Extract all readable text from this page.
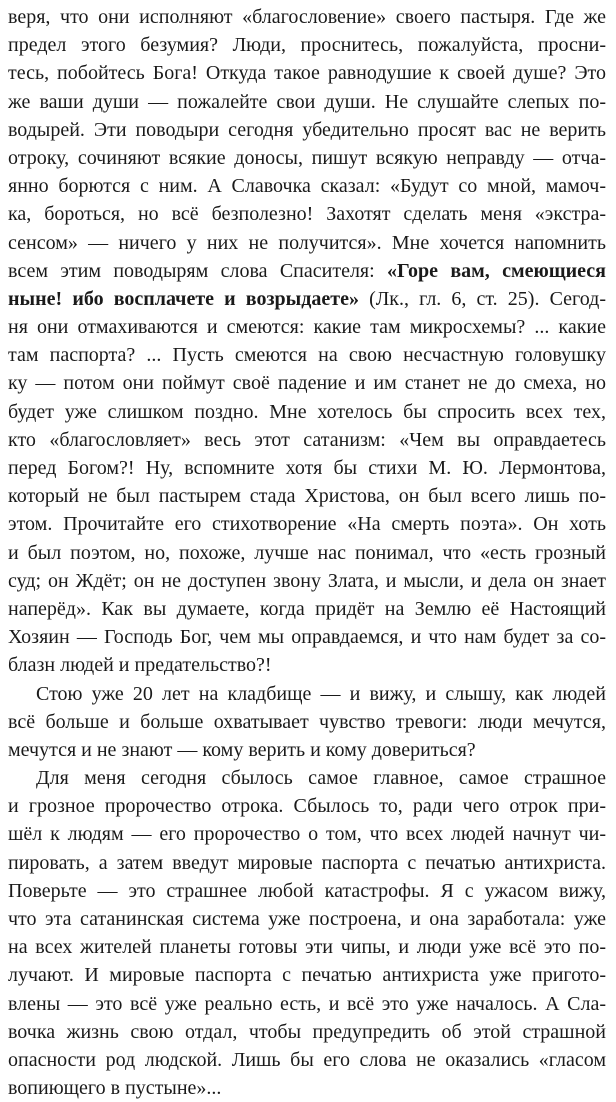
веря, что они исполняют «благословение» своего пастыря. Где же
предел этого безумия? Люди, проснитесь, пожалуйста, просни-
тесь, побойтесь Бога! Откуда такое равнодушие к своей душе? Это
же ваши души — пожалейте свои души. Не слушайте слепых по-
водырей. Эти поводыри сегодня убедительно просят вас не верить
отроку, сочиняют всякие доносы, пишут всякую неправду — отча-
янно борются с ним. А Славочка сказал: «Будут со мной, мамоч-
ка, бороться, но всё безполезно! Захотят сделать меня «экстра-
сенсом» — ничего у них не получится». Мне хочется напомнить
всем этим поводырям слова Спасителя: «Горе вам, смеющиеся
ныне! ибо восплачете и возрыдаете» (Лк., гл. 6, ст. 25). Сегод-
ня они отмахиваются и смеются: какие там микросхемы? ... какие
там паспорта? ... Пусть смеются на свою несчастную головушку
ку — потом они поймут своё падение и им станет не до смеха, но
будет уже слишком поздно. Мне хотелось бы спросить всех тех,
кто «благословляет» весь этот сатанизм: «Чем вы оправдаетесь
перед Богом?! Ну, вспомните хотя бы стихи М. Ю. Лермонтова,
который не был пастырем стада Христова, он был всего лишь по-
этом. Прочитайте его стихотворение «На смерть поэта». Он хоть
и был поэтом, но, похоже, лучше нас понимал, что «есть грозный
суд; он Ждёт; он не доступен звону Злата, и мысли, и дела он знает
наперёд». Как вы думаете, когда придёт на Землю её Настоящий
Хозяин — Господь Бог, чем мы оправдаемся, и что нам будет за со-
блазн людей и предательство?!
Стою уже 20 лет на кладбище — и вижу, и слышу, как людей
всё больше и больше охватывает чувство тревоги: люди мечутся,
мечутся и не знают — кому верить и кому довериться?
Для меня сегодня сбылось самое главное, самое страшное
и грозное пророчество отрока. Сбылось то, ради чего отрок при-
шёл к людям — его пророчество о том, что всех людей начнут чи-
пировать, а затем введут мировые паспорта с печатью антихриста.
Поверьте — это страшнее любой катастрофы. Я с ужасом вижу,
что эта сатанинская система уже построена, и она заработала: уже
на всех жителей планеты готовы эти чипы, и люди уже всё это по-
лучают. И мировые паспорта с печатью антихриста уже пригото-
влены — это всё уже реально есть, и всё это уже началось. А Сла-
вочка жизнь свою отдал, чтобы предупредить об этой страшной
опасности род людской. Лишь бы его слова не оказались «гласом
вопиющего в пустыне»...
